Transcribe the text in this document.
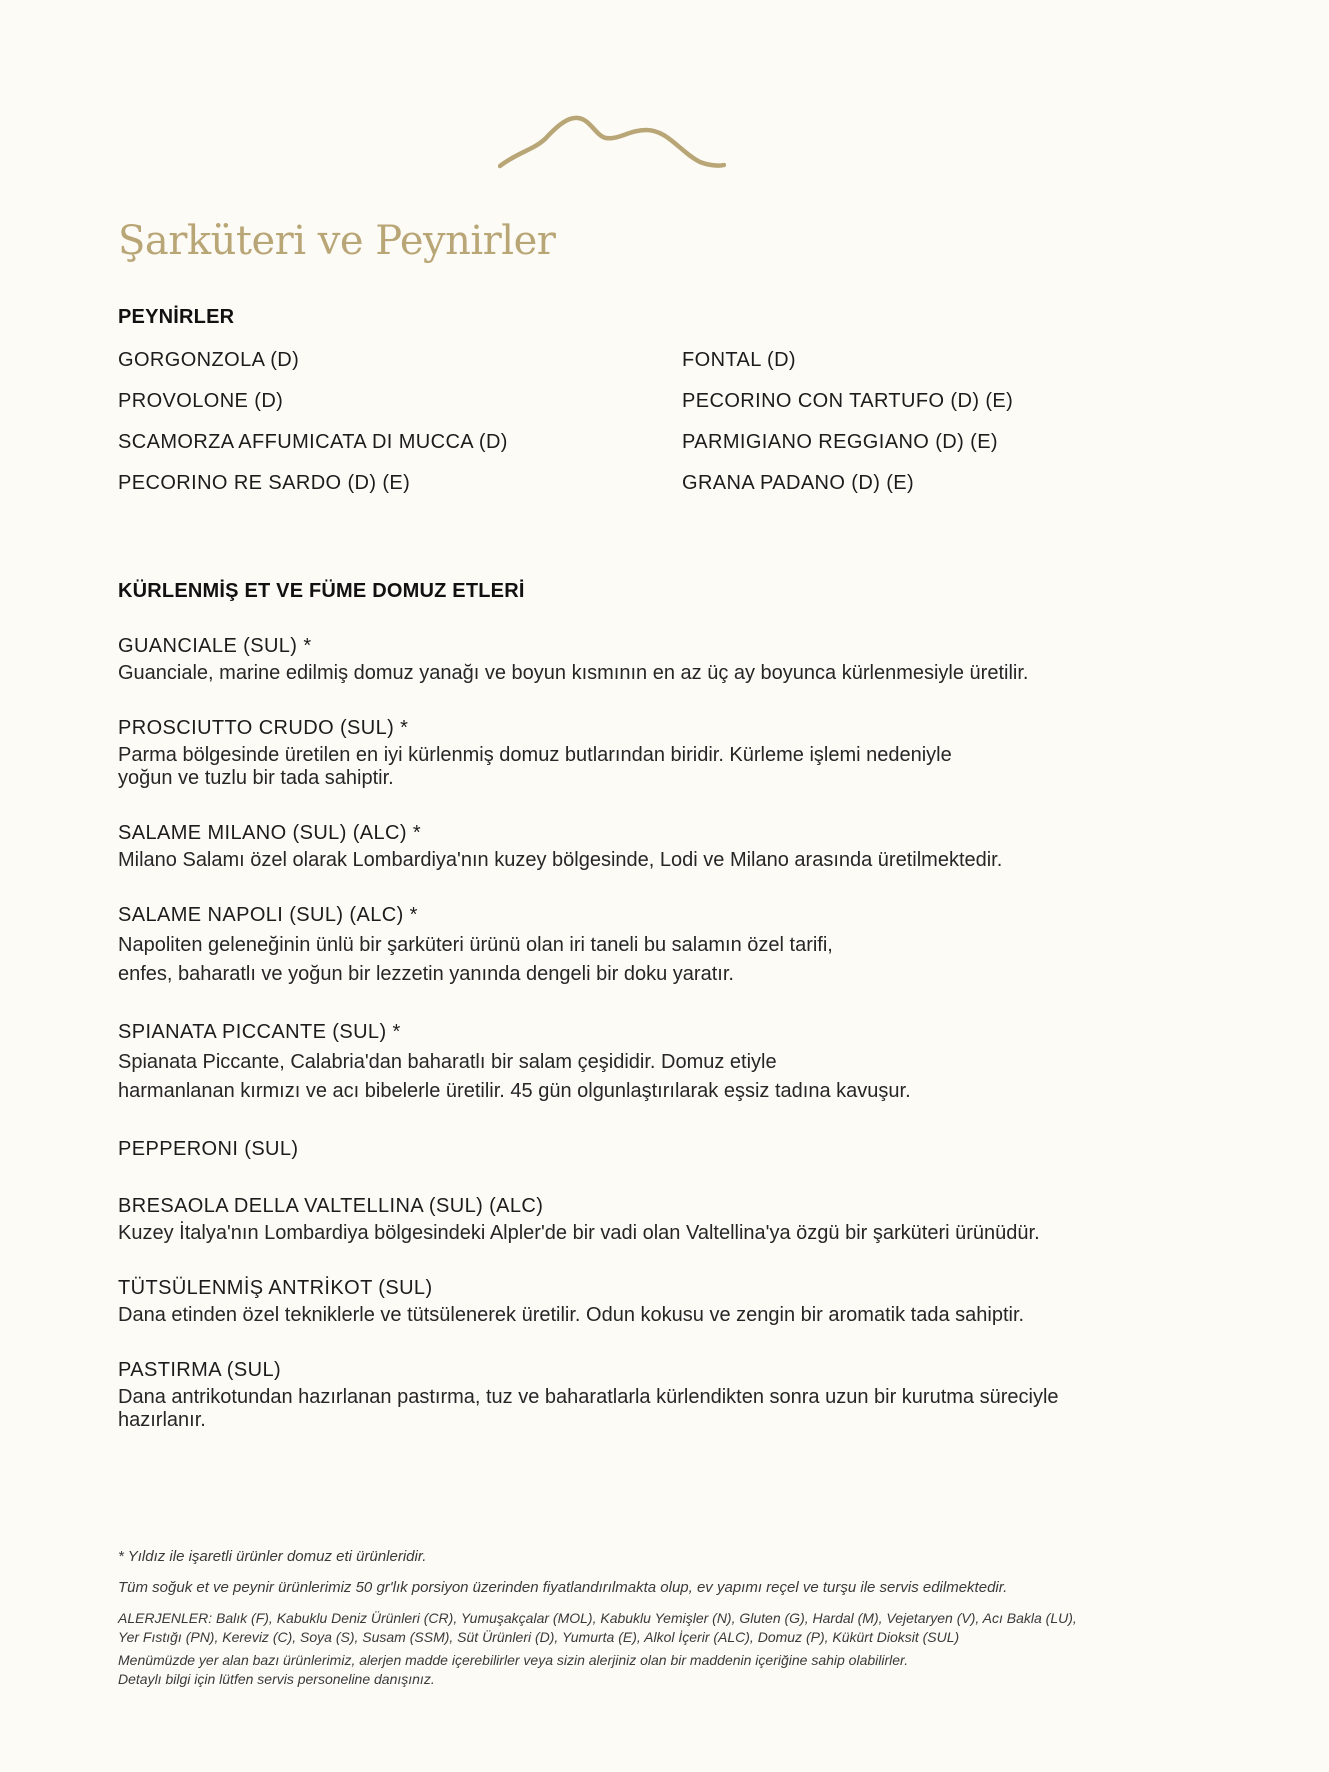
Şarküteri ve Peynirler
PEYNİRLER
GORGONZOLA (D)
PROVOLONE (D)
SCAMORZA AFFUMICATA DI MUCCA (D)
PECORINO RE SARDO (D) (E)
FONTAL (D)
PECORINO CON TARTUFO (D) (E)
PARMIGIANO REGGIANO (D) (E)
GRANA PADANO (D) (E)
KÜRLENMİŞ ET VE FÜME DOMUZ ETLERİ
GUANCIALE (SUL) *
Guanciale, marine edilmiş domuz yanağı ve boyun kısmının en az üç ay boyunca kürlenmesiyle üretilir.
PROSCIUTTO CRUDO (SUL) *
Parma bölgesinde üretilen en iyi kürlenmiş domuz butlarından biridir. Kürleme işlemi nedeniyle
yoğun ve tuzlu bir tada sahiptir.
SALAME MILANO (SUL) (ALC) *
Milano Salamı özel olarak Lombardiya'nın kuzey bölgesinde, Lodi ve Milano arasında üretilmektedir.
SALAME NAPOLI (SUL) (ALC) *
Napoliten geleneğinin ünlü bir şarküteri ürünü olan iri taneli bu salamın özel tarifi,
enfes, baharatlı ve yoğun bir lezzetin yanında dengeli bir doku yaratır.
SPIANATA PICCANTE (SUL) *
Spianata Piccante, Calabria'dan baharatlı bir salam çeşididir. Domuz etiyle
harmanlanan kırmızı ve acı bibelerle üretilir. 45 gün olgunlaştırılarak eşsiz tadına kavuşur.
PEPPERONI (SUL)
BRESAOLA DELLA VALTELLINA (SUL) (ALC)
Kuzey İtalya'nın Lombardiya bölgesindeki Alpler'de bir vadi olan Valtellina'ya özgü bir şarküteri ürünüdür.
TÜTSÜLENMİŞ ANTRİKOT (SUL)
Dana etinden özel tekniklerle ve tütsülenerek üretilir. Odun kokusu ve zengin bir aromatik tada sahiptir.
PASTIRMA (SUL)
Dana antrikotundan hazırlanan pastırma, tuz ve baharatlarla kürlendikten sonra uzun bir kurutma süreciyle
hazırlanır.
* Yıldız ile işaretli ürünler domuz eti ürünleridir.
Tüm soğuk et ve peynir ürünlerimiz 50 gr'lık porsiyon üzerinden fiyatlandırılmakta olup, ev yapımı reçel ve turşu ile servis edilmektedir.
ALERJENLER: Balık (F), Kabuklu Deniz Ürünleri (CR), Yumuşakçalar (MOL), Kabuklu Yemişler (N), Gluten (G), Hardal (M), Vejetaryen (V), Acı Bakla (LU),
Yer Fıstığı (PN), Kereviz (C), Soya (S), Susam (SSM), Süt Ürünleri (D), Yumurta (E), Alkol İçerir (ALC), Domuz (P), Kükürt Dioksit (SUL)
Menümüzde yer alan bazı ürünlerimiz, alerjen madde içerebilirler veya sizin alerjiniz olan bir maddenin içeriğine sahip olabilirler.
Detaylı bilgi için lütfen servis personeline danışınız.
